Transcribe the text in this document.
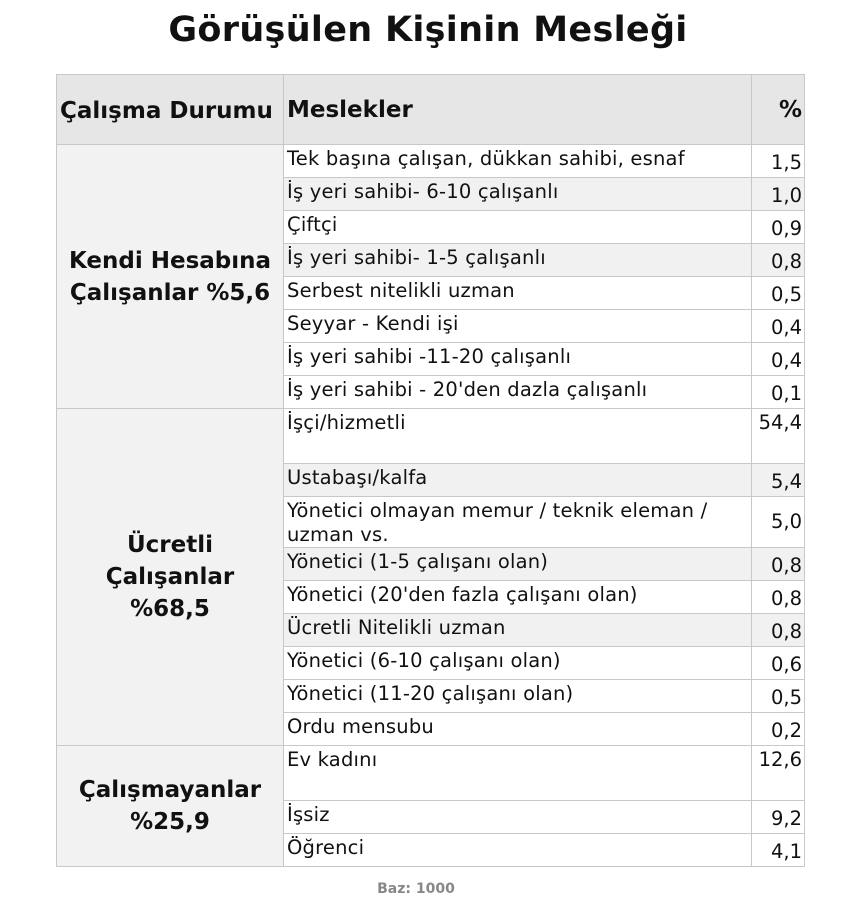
Görüşülen Kişinin Mesleği
Çalışma Durumu	Meslekler	%
Kendi Hesabına Çalışanlar %5,6	Tek başına çalışan, dükkan sahibi, esnaf	1,5
	İş yeri sahibi- 6-10 çalışanlı	1,0
	Çiftçi	0,9
	İş yeri sahibi- 1-5 çalışanlı	0,8
	Serbest nitelikli uzman	0,5
	Seyyar - Kendi işi	0,4
	İş yeri sahibi -11-20 çalışanlı	0,4
	İş yeri sahibi - 20'den dazla çalışanlı	0,1
Ücretli Çalışanlar %68,5	İşçi/hizmetli	54,4
	Ustabaşı/kalfa	5,4
	Yönetici olmayan memur / teknik eleman / uzman vs.	5,0
	Yönetici (1-5 çalışanı olan)	0,8
	Yönetici (20'den fazla çalışanı olan)	0,8
	Ücretli Nitelikli uzman	0,8
	Yönetici (6-10 çalışanı olan)	0,6
	Yönetici (11-20 çalışanı olan)	0,5
	Ordu mensubu	0,2
Çalışmayanlar %25,9	Ev kadını	12,6
	İşsiz	9,2
	Öğrenci	4,1
Baz: 1000
